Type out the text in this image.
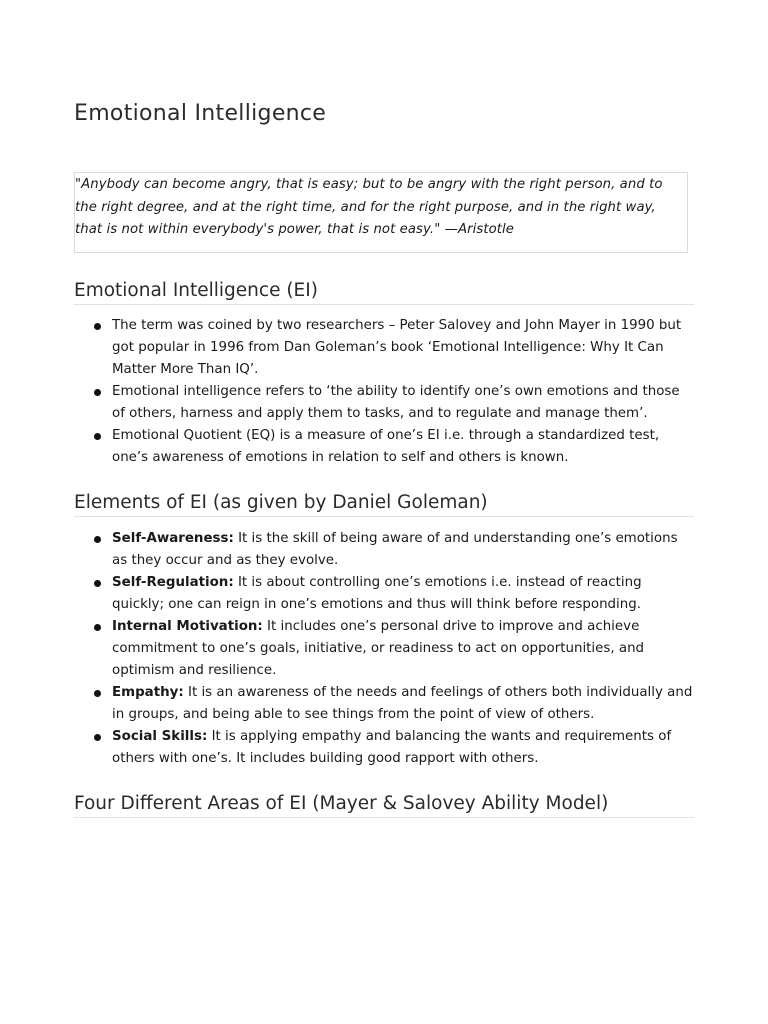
Emotional Intelligence

"Anybody can become angry, that is easy; but to be angry with the right person, and to the right degree, and at the right time, and for the right purpose, and in the right way, that is not within everybody's power, that is not easy." —Aristotle

Emotional Intelligence (EI)
The term was coined by two researchers – Peter Salovey and John Mayer in 1990 but got popular in 1996 from Dan Goleman’s book ‘Emotional Intelligence: Why It Can Matter More Than IQ’.
Emotional intelligence refers to ‘the ability to identify one’s own emotions and those of others, harness and apply them to tasks, and to regulate and manage them’.
Emotional Quotient (EQ) is a measure of one’s EI i.e. through a standardized test, one’s awareness of emotions in relation to self and others is known.
Elements of EI (as given by Daniel Goleman)
Self-Awareness: It is the skill of being aware of and understanding one’s emotions as they occur and as they evolve.
Self-Regulation: It is about controlling one’s emotions i.e. instead of reacting quickly; one can reign in one’s emotions and thus will think before responding.
Internal Motivation: It includes one’s personal drive to improve and achieve commitment to one’s goals, initiative, or readiness to act on opportunities, and optimism and resilience.
Empathy: It is an awareness of the needs and feelings of others both individually and in groups, and being able to see things from the point of view of others.
Social Skills: It is applying empathy and balancing the wants and requirements of others with one’s. It includes building good rapport with others.
Four Different Areas of EI (Mayer & Salovey Ability Model)
